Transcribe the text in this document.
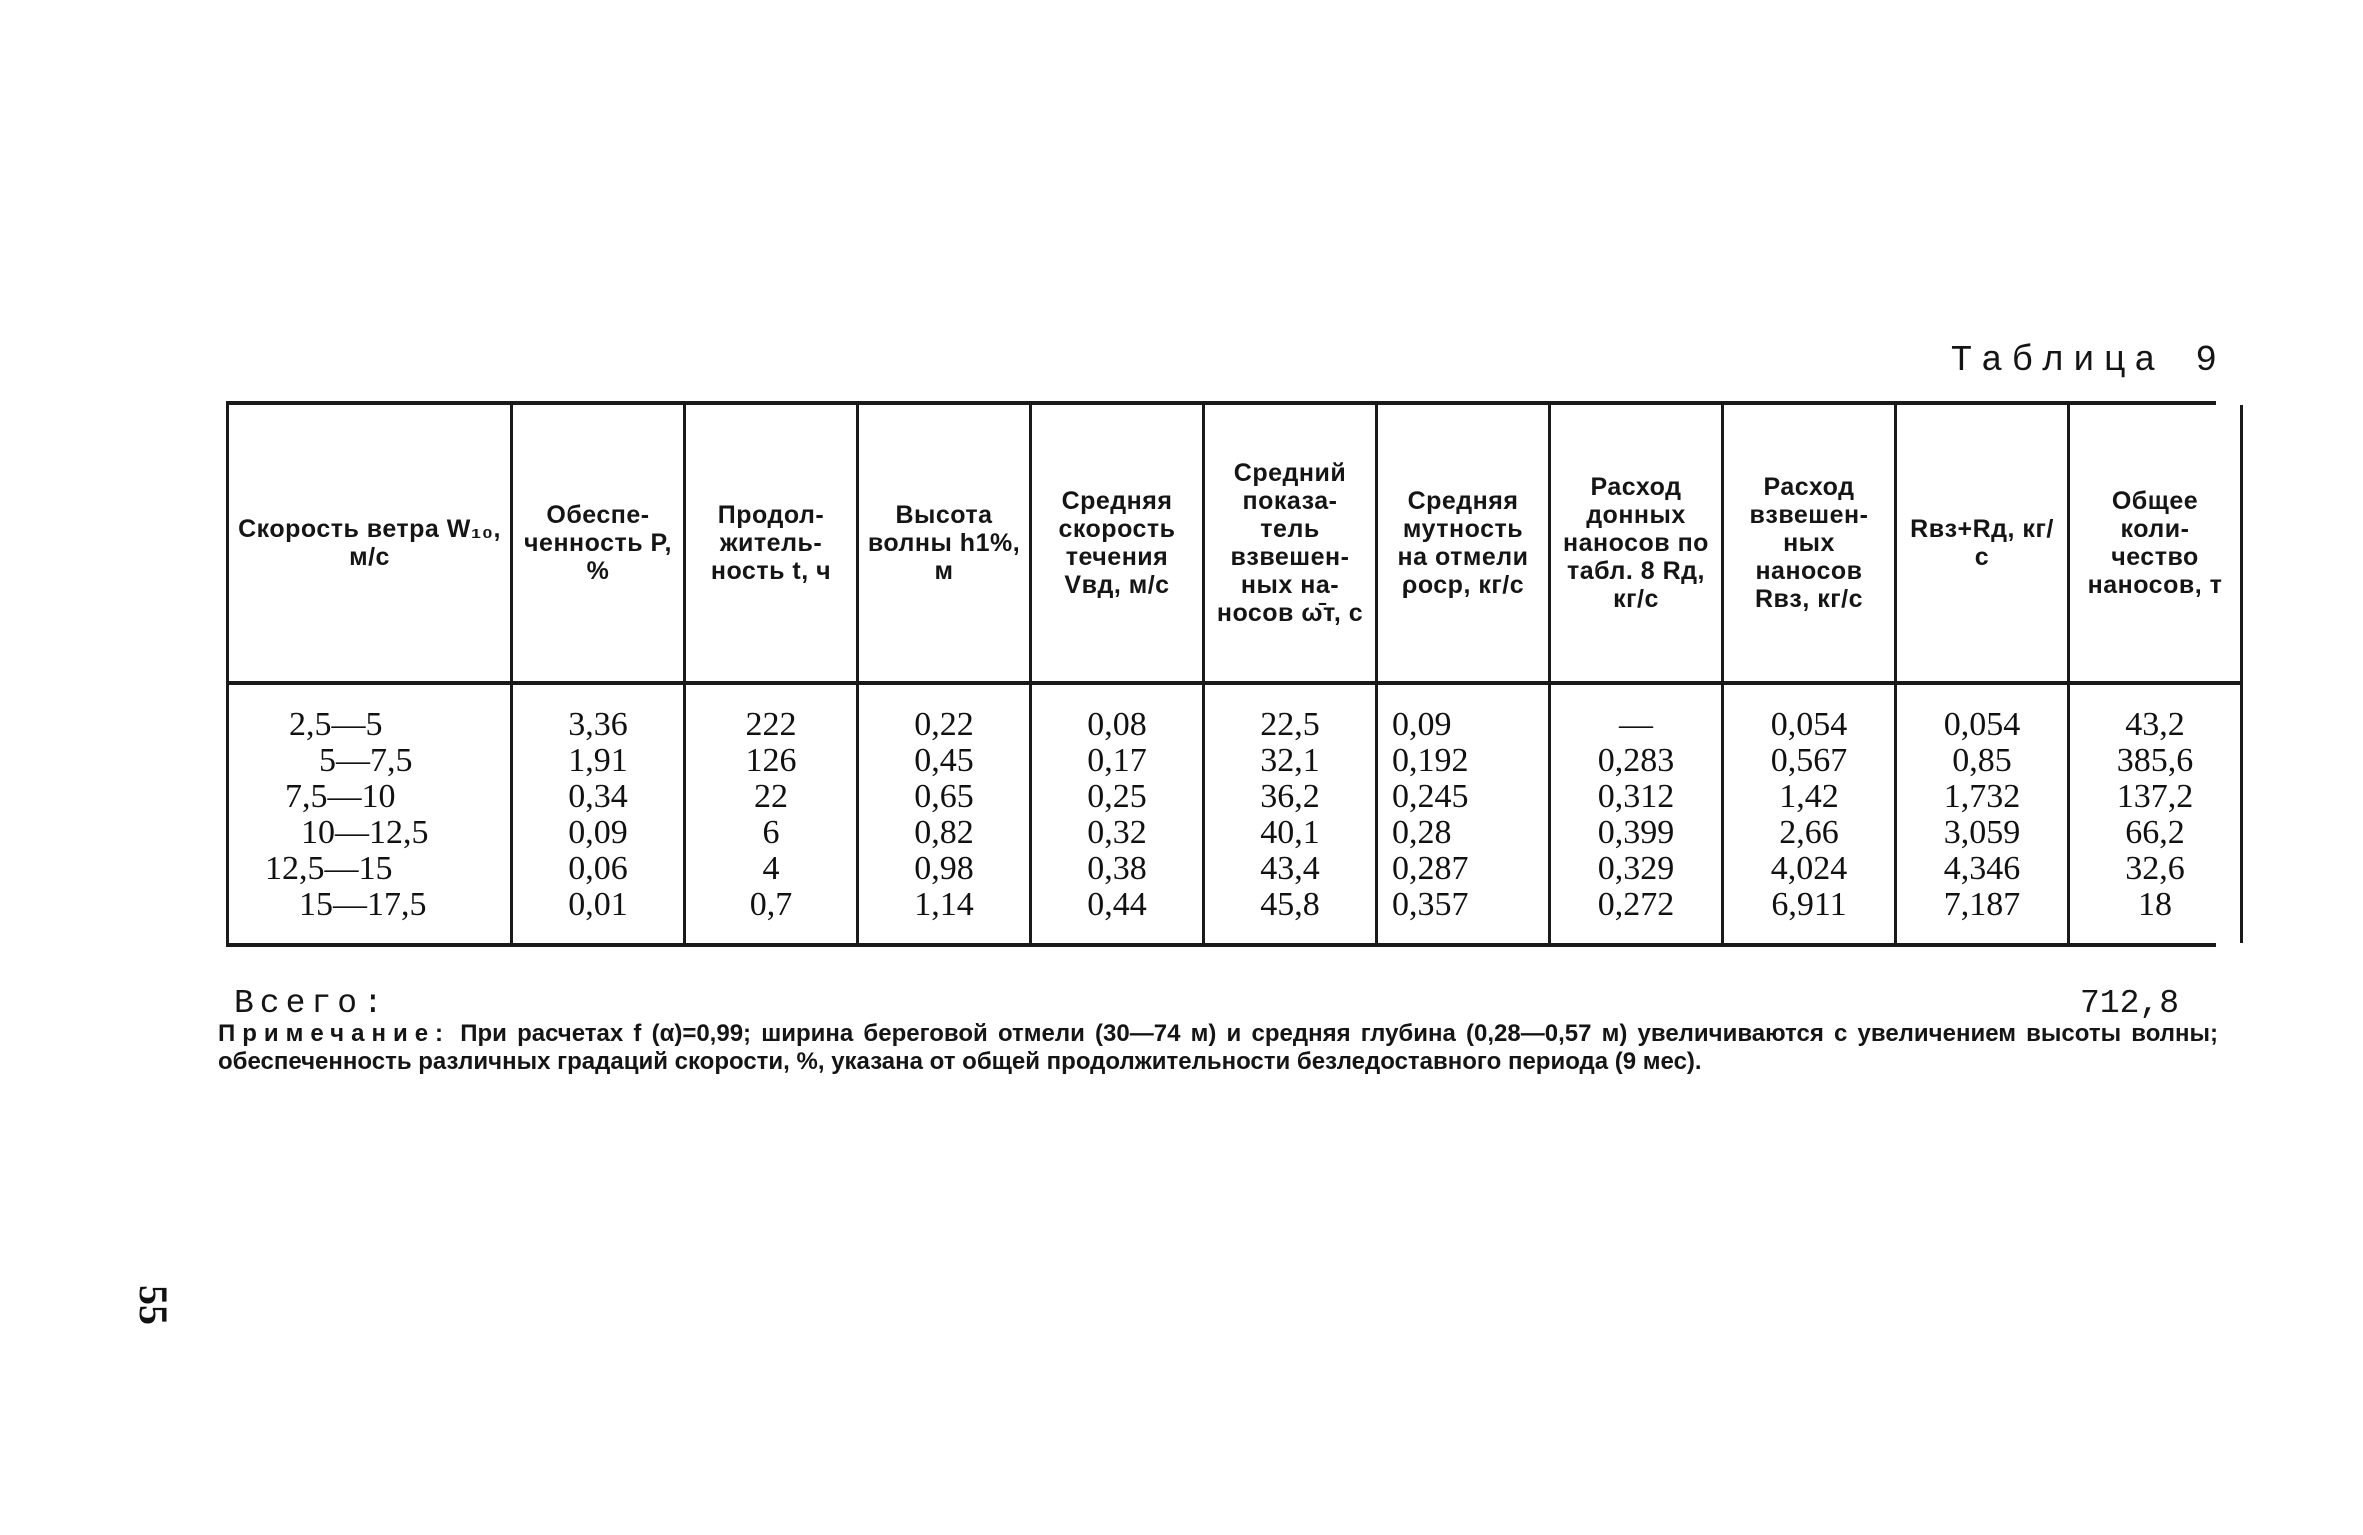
55
Таблица 9
Скорость ветра W₁₀, м/с	Обеспе-ченность P, %	Продол-житель-ность t, ч	Высота волны h1%, м	Средняя скорость течения Vвд, м/с	Средний показа-тель взвешен-ных на-носов ω̄т, с	Средняя мутность на отмели ρоср, кг/с	Расход донных наносов по табл. 8 Rд, кг/с	Расход взвешен-ных наносов Rвз, кг/с	Rвз+Rд, кг/с	Общее коли-чество наносов, т
2,5—5	3,36	222	0,22	0,08	22,5	0,09	—	0,054	0,054	43,2
5—7,5	1,91	126	0,45	0,17	32,1	0,192	0,283	0,567	0,85	385,6
7,5—10	0,34	22	0,65	0,25	36,2	0,245	0,312	1,42	1,732	137,2
10—12,5	0,09	6	0,82	0,32	40,1	0,28	0,399	2,66	3,059	66,2
12,5—15	0,06	4	0,98	0,38	43,4	0,287	0,329	4,024	4,346	32,6
15—17,5	0,01	0,7	1,14	0,44	45,8	0,357	0,272	6,911	7,187	18
Всего:	712,8
Примечание: При расчетах f (α)=0,99; ширина береговой отмели (30—74 м) и средняя глубина (0,28—0,57 м) увеличиваются с увеличением высоты волны; обеспеченность различных градаций скорости, %, указана от общей продолжительности безледоставного периода (9 мес).
